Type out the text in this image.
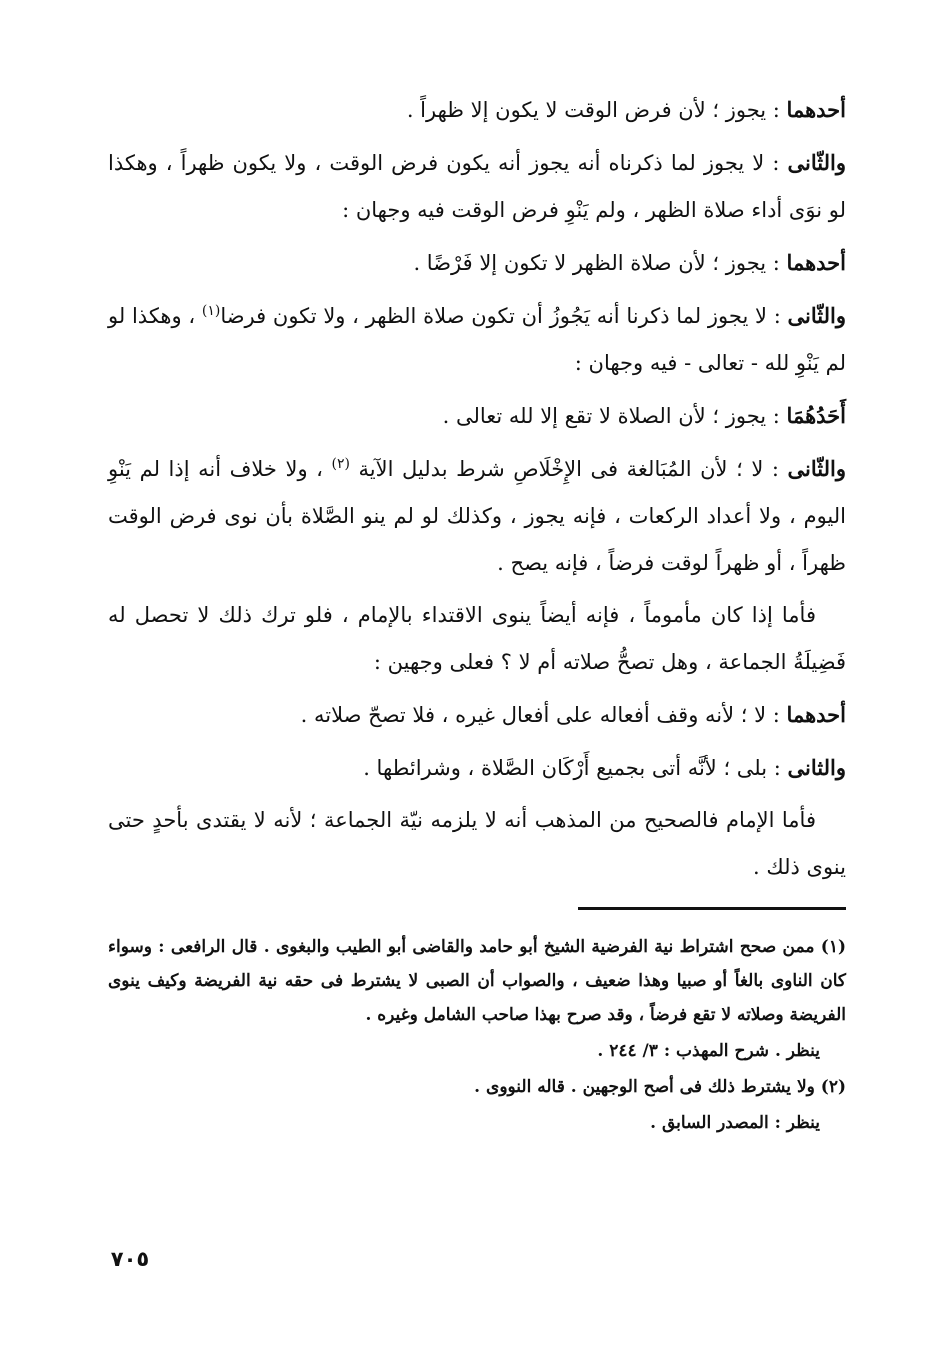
أحدهما : يجوز ؛ لأن فرض الوقت لا يكون إلا ظهراً .

والثّانى : لا يجوز لما ذكرناه أنه يجوز أنه يكون فرض الوقت ، ولا يكون ظهراً ، وهكذا لو نوَى أداء صلاة الظهر ، ولم يَنْوِ فرض الوقت فيه وجهان :

أحدهما : يجوز ؛ لأن صلاة الظهر لا تكون إلا فَرْضًا .

والثّانى : لا يجوز لما ذكرنا أنه يَجُوزُ أن تكون صلاة الظهر ، ولا تكون فرضا$^{(١)}$ ، وهكذا لو لم يَنْوِ لله - تعالى - فيه وجهان :

أَحَدُهُمَا : يجوز ؛ لأن الصلاة لا تقع إلا لله تعالى .

والثّانى : لا ؛ لأن المُبَالغة فى الإِخْلَاصِ شرط بدليل الآية $^{(٢)}$ ، ولا خلاف أنه إذا لم يَنْوِ اليوم ، ولا أعداد الركعات ، فإنه يجوز ، وكذلك لو لم ينو الصَّلاة بأن نوى فرض الوقت ظهراً ، أو ظهراً لوقت فرضاً ، فإنه يصح .

فأما إذا كان مأموماً ، فإنه أيضاً ينوى الاقتداء بالإمام ، فلو ترك ذلك لا تحصل له فَضِيلَةُ الجماعة ، وهل تصحُّ صلاته أم لا ؟ فعلى وجهين :

أحدهما : لا ؛ لأنه وقف أفعاله على أفعال غيره ، فلا تصحّ صلاته .

والثانى : بلى ؛ لأنَّه أتى بجميع أَرْكَان الصَّلاة ، وشرائطها .

فأما الإمام فالصحيح من المذهب أنه لا يلزمه نيّة الجماعة ؛ لأنه لا يقتدى بأحدٍ حتى ينوى ذلك .

(١) ممن صحح اشتراط نية الفرضية الشيخ أبو حامد والقاضى أبو الطيب والبغوى . قال الرافعى : وسواء كان الناوى بالغاً أو صبيا وهذا ضعيف ، والصواب أن الصبى لا يشترط فى حقه نية الفريضة وكيف ينوى الفريضة وصلاته لا تقع فرضاً ، وقد صرح بهذا صاحب الشامل وغيره .

ينظر . شرح المهذب : ٣/ ٢٤٤ .

(٢) ولا يشترط ذلك فى أصح الوجهين . قاله النووى .

ينظر : المصدر السابق .

٧٠٥
